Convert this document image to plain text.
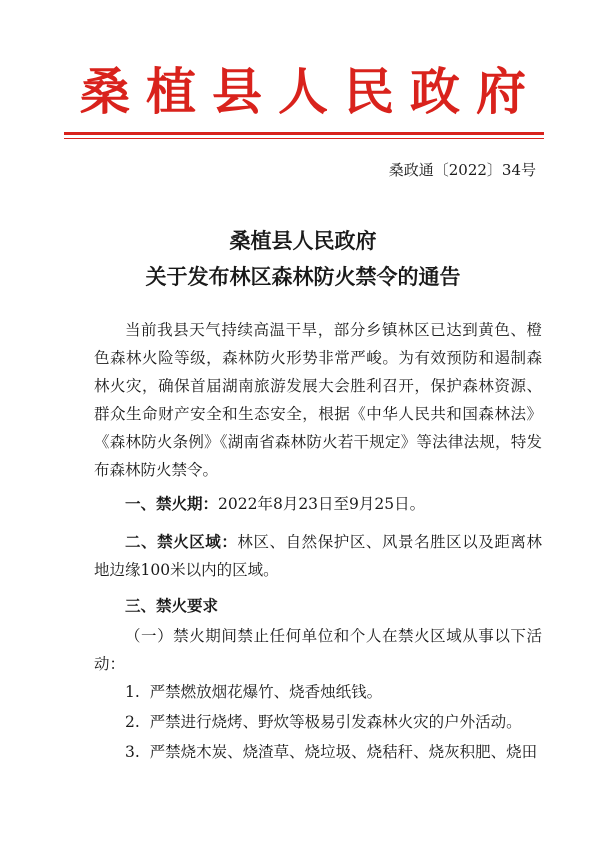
桑植县人民政府
桑政通〔2022〕34号
桑植县人民政府
关于发布林区森林防火禁令的通告

当前我县天气持续高温干旱，部分乡镇林区已达到黄色、橙色森林火险等级，森林防火形势非常严峻。为有效预防和遏制森林火灾，确保首届湖南旅游发展大会胜利召开，保护森林资源、群众生命财产安全和生态安全，根据《中华人民共和国森林法》《森林防火条例》《湖南省森林防火若干规定》等法律法规，特发布森林防火禁令。

一、禁火期：2022年8月23日至9月25日。

二、禁火区域：林区、自然保护区、风景名胜区以及距离林地边缘100米以内的区域。

三、禁火要求

（一）禁火期间禁止任何单位和个人在禁火区域从事以下活动：

1. 严禁燃放烟花爆竹、烧香烛纸钱。

2. 严禁进行烧烤、野炊等极易引发森林火灾的户外活动。

3. 严禁烧木炭、烧渣草、烧垃圾、烧秸秆、烧灰积肥、烧田
